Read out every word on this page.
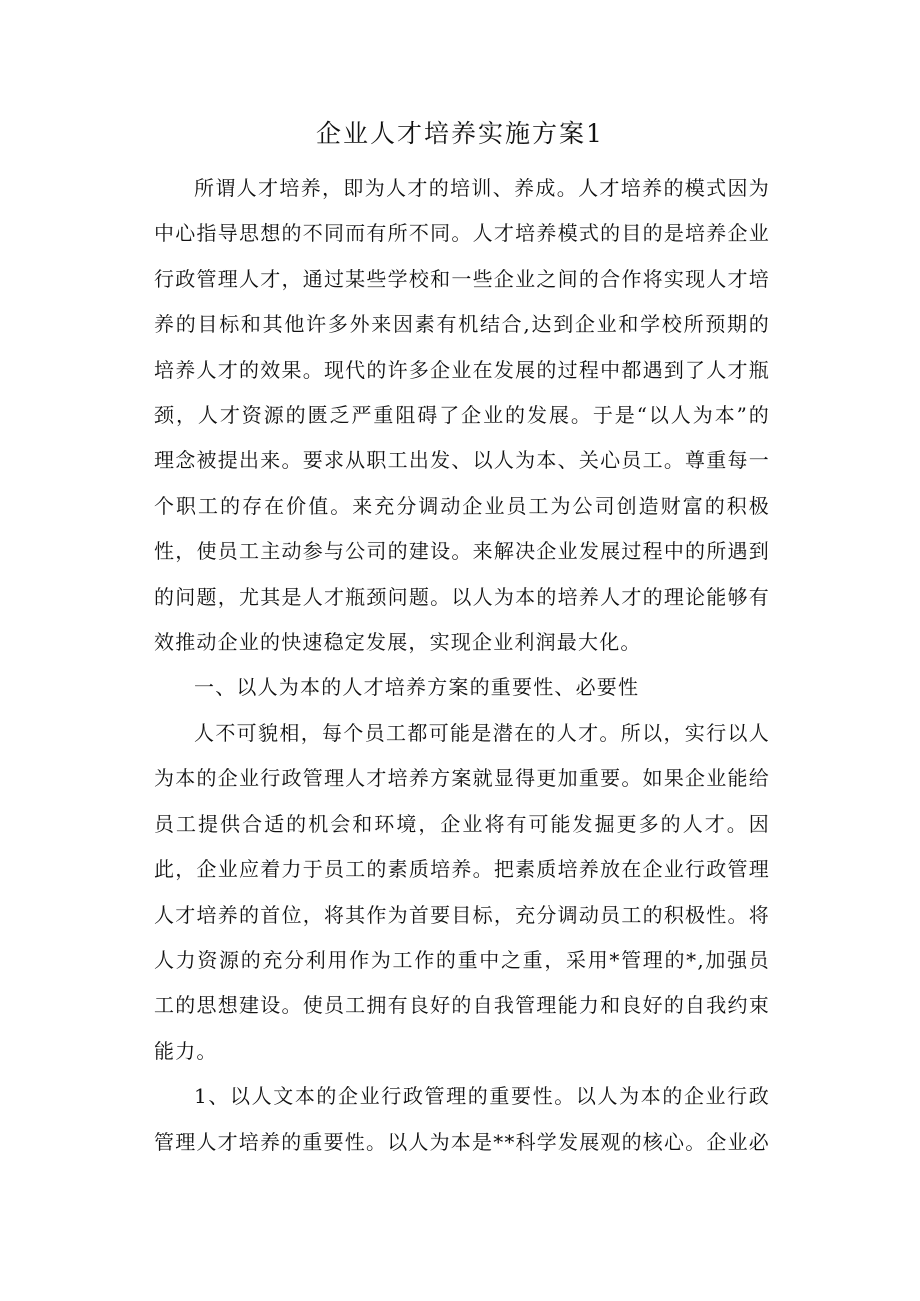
企业人才培养实施方案1

所谓人才培养，即为人才的培训、养成。人才培养的模式因为中心指导思想的不同而有所不同。人才培养模式的目的是培养企业行政管理人才，通过某些学校和一些企业之间的合作将实现人才培养的目标和其他许多外来因素有机结合,达到企业和学校所预期的培养人才的效果。现代的许多企业在发展的过程中都遇到了人才瓶颈，人才资源的匮乏严重阻碍了企业的发展。于是“以人为本”的理念被提出来。要求从职工出发、以人为本、关心员工。尊重每一个职工的存在价值。来充分调动企业员工为公司创造财富的积极性，使员工主动参与公司的建设。来解决企业发展过程中的所遇到的问题，尤其是人才瓶颈问题。以人为本的培养人才的理论能够有效推动企业的快速稳定发展，实现企业利润最大化。

一、以人为本的人才培养方案的重要性、必要性

人不可貌相，每个员工都可能是潜在的人才。所以，实行以人为本的企业行政管理人才培养方案就显得更加重要。如果企业能给员工提供合适的机会和环境，企业将有可能发掘更多的人才。因此，企业应着力于员工的素质培养。把素质培养放在企业行政管理人才培养的首位，将其作为首要目标，充分调动员工的积极性。将人力资源的充分利用作为工作的重中之重，采用*管理的*,加强员工的思想建设。使员工拥有良好的自我管理能力和良好的自我约束能力。

1、以人文本的企业行政管理的重要性。以人为本的企业行政管理人才培养的重要性。以人为本是**科学发展观的核心。企业必
